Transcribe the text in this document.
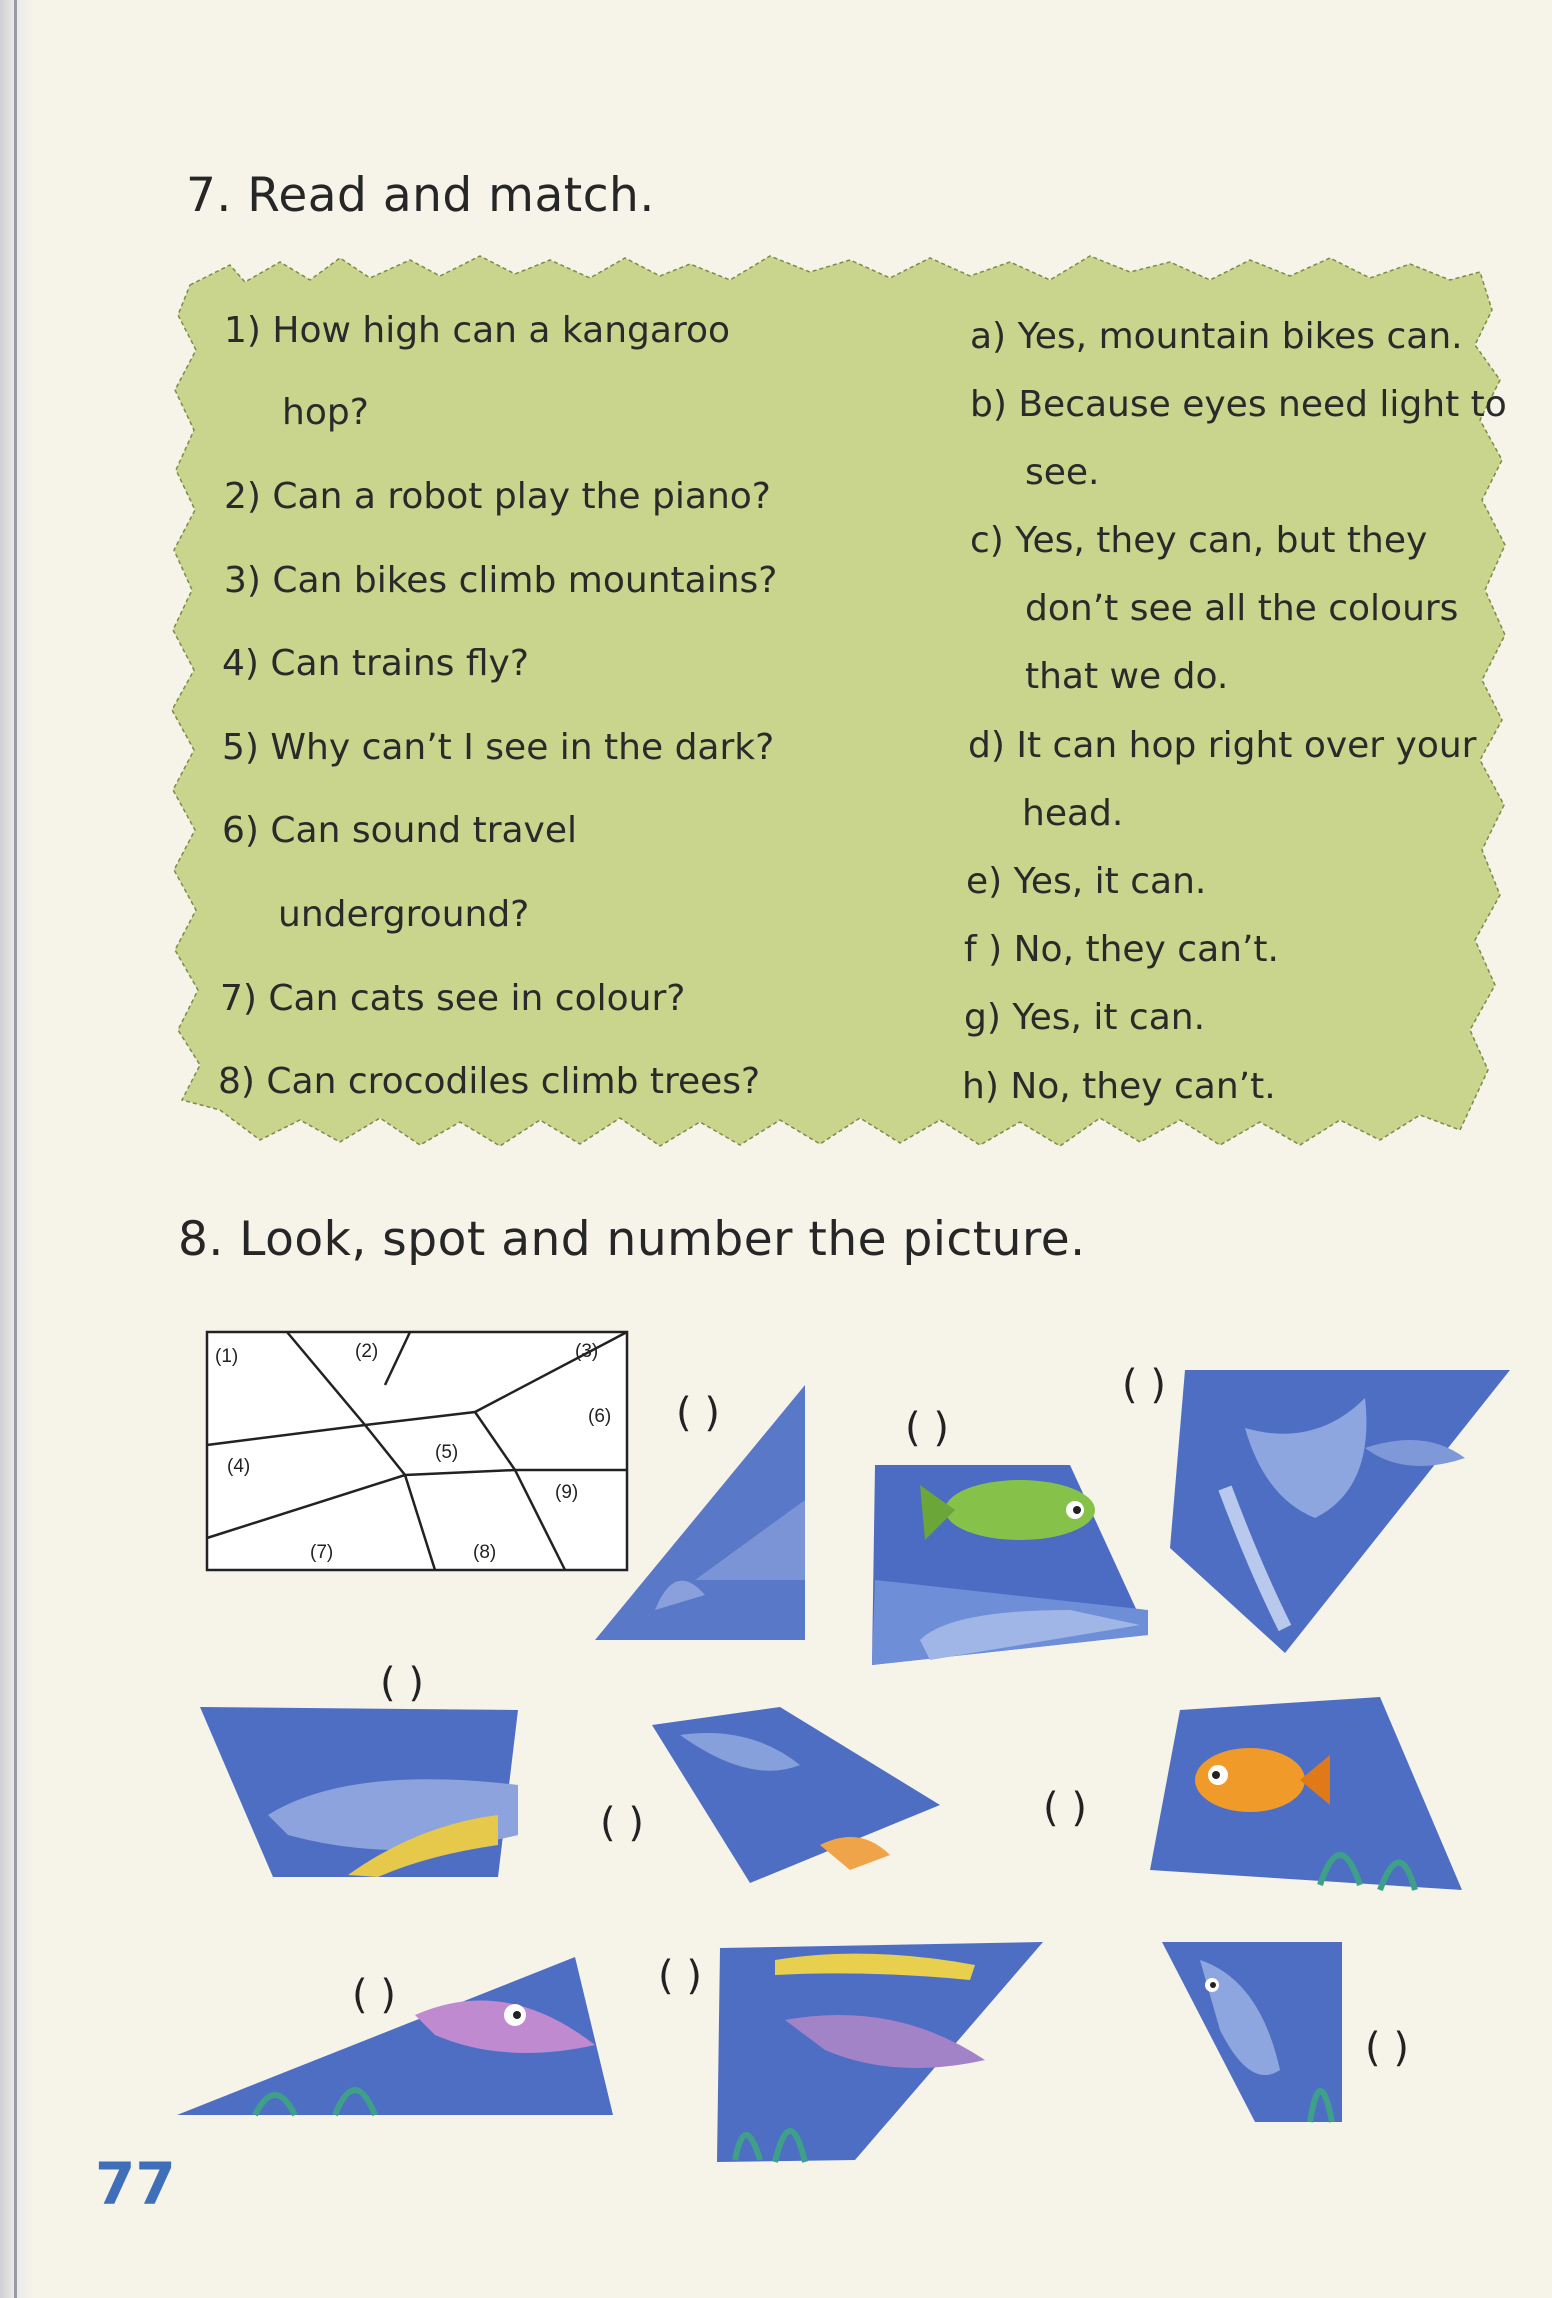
7. Read and match.
1) How high can a kangaroo
hop?
2) Can a robot play the piano?
3) Can bikes climb mountains?
4) Can trains fly?
5) Why can’t I see in the dark?
6) Can sound travel
underground?
7) Can cats see in colour?
8) Can crocodiles climb trees?
a) Yes, mountain bikes can.
b) Because eyes need light to
see.
c) Yes, they can, but they
don’t see all the colours
that we do.
d) It can hop right over your
head.
e) Yes, it can.
f ) No, they can’t.
g) Yes, it can.
h) No, they can’t.
8. Look, spot and number the picture.
(1)	(2)	(3)
(4)
(5)
(6)
(7)	(8)
(9)
( )	( )
( )
( )
( )	( )
( )	( )
( )
77
